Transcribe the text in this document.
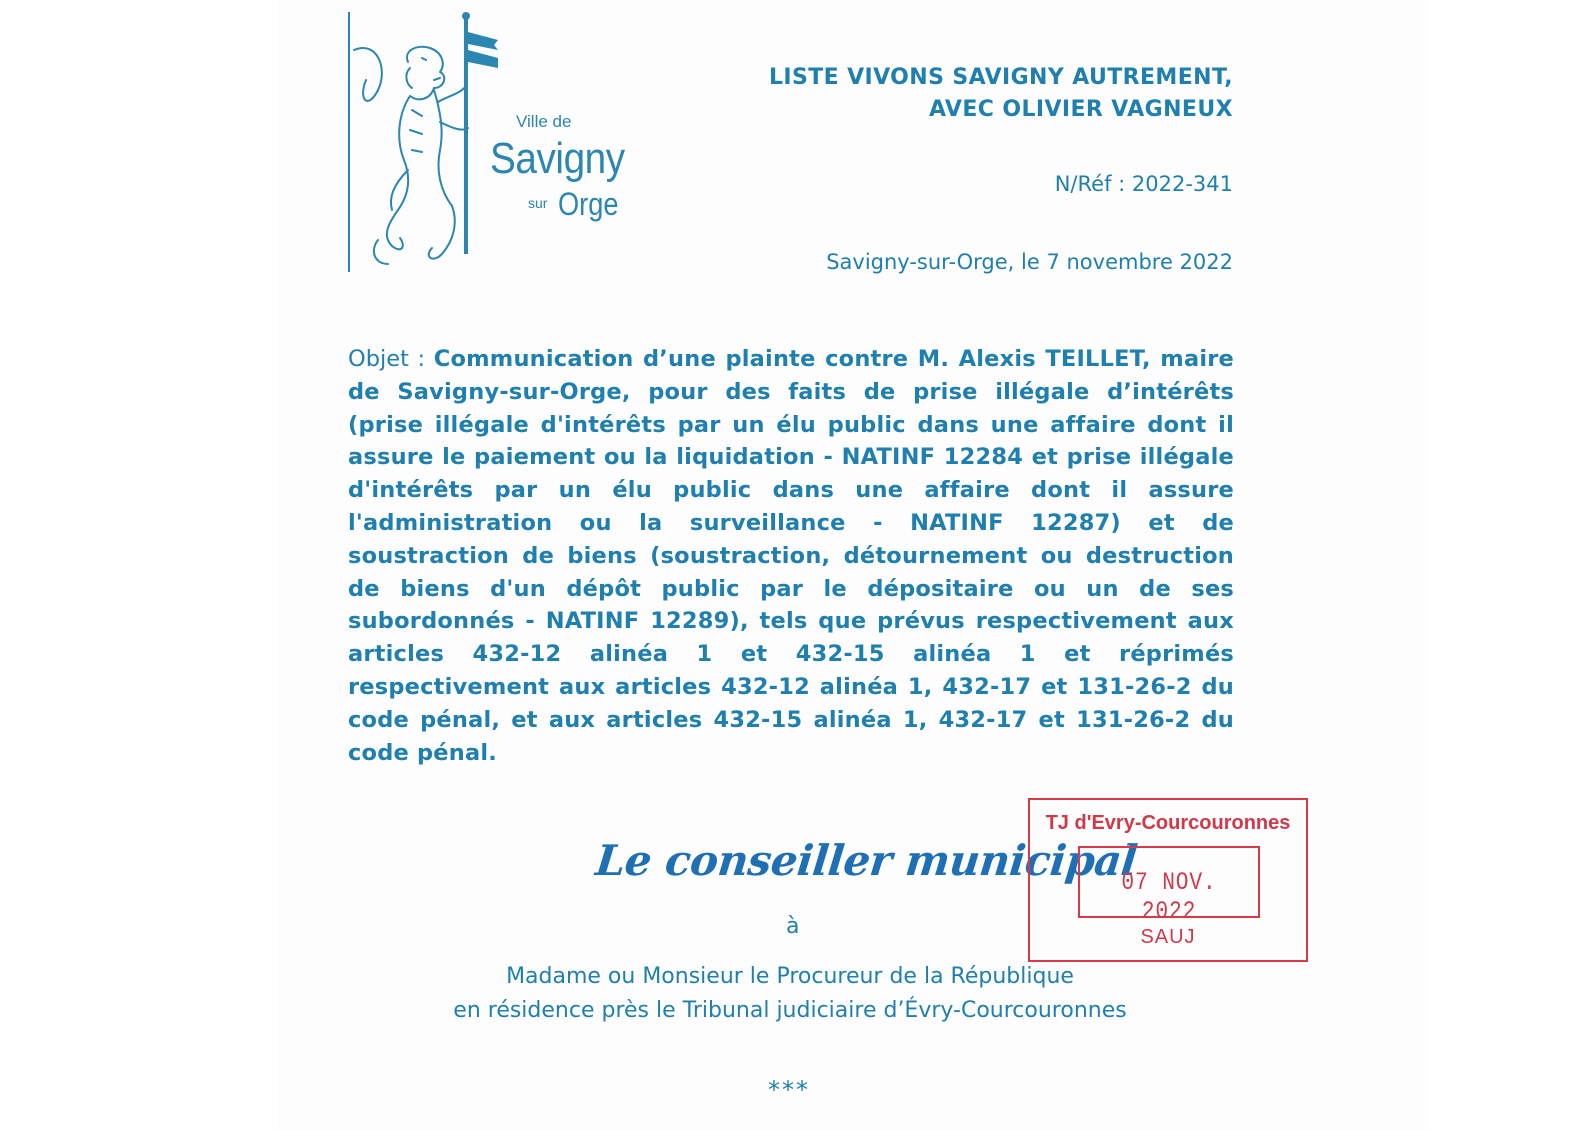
Ville de
Savigny
sur Orge
LISTE VIVONS SAVIGNY AUTREMENT,
AVEC OLIVIER VAGNEUX
N/Réf : 2022-341
Savigny-sur-Orge, le 7 novembre 2022
Objet : Communication d’une plainte contre M. Alexis TEILLET, maire de Savigny-sur-Orge, pour des faits de prise illégale d’intérêts (prise illégale d'intérêts par un élu public dans une affaire dont il assure le paiement ou la liquidation - NATINF 12284 et prise illégale d'intérêts par un élu public dans une affaire dont il assure l'administration ou la surveillance - NATINF 12287) et de soustraction de biens (soustraction, détournement ou destruction de biens d'un dépôt public par le dépositaire ou un de ses subordonnés - NATINF 12289), tels que prévus respectivement aux articles 432-12 alinéa 1 et 432-15 alinéa 1 et réprimés respectivement aux articles 432-12 alinéa 1, 432-17 et 131-26-2 du code pénal, et aux articles 432-15 alinéa 1, 432-17 et 131-26-2 du code pénal.
Le conseiller municipal
TJ d'Evry-Courcouronnes
07 NOV. 2022
SAUJ
à
Madame ou Monsieur le Procureur de la République
en résidence près le Tribunal judiciaire d’Évry-Courcouronnes
***
